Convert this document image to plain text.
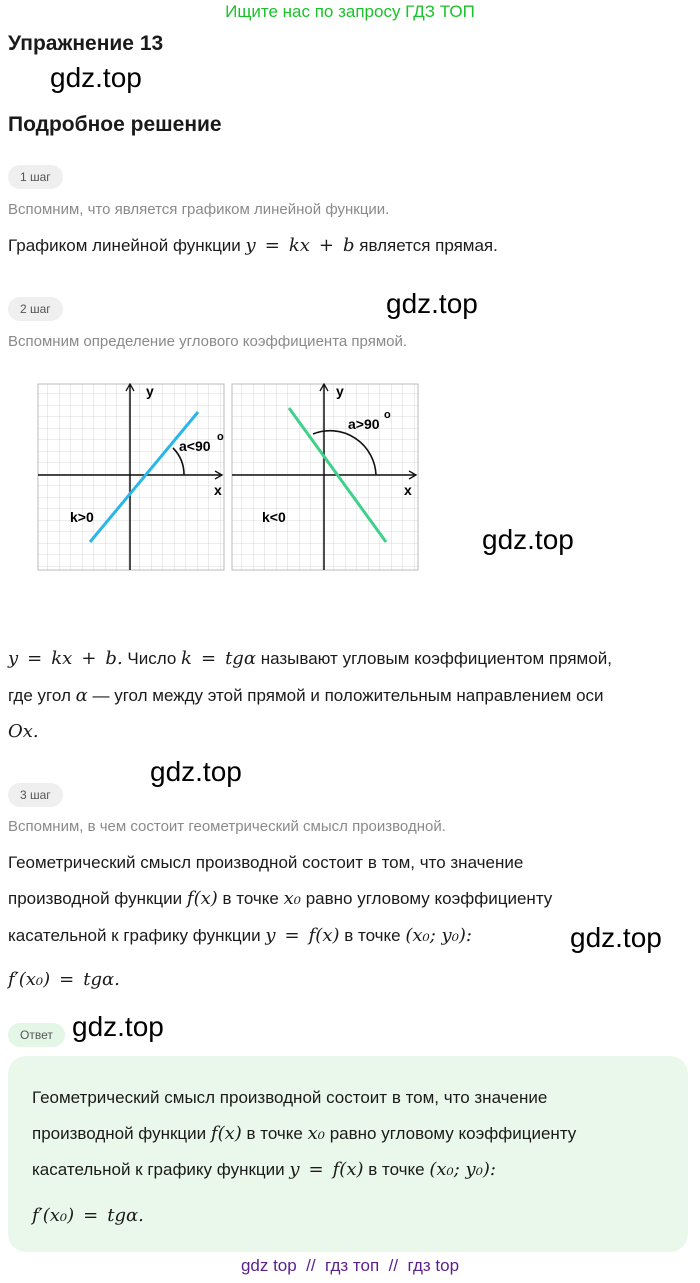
Ищите нас по запросу ГДЗ ТОП
Упражнение 13
gdz.top
Подробное решение
1 шаг
Вспомним, что является графиком линейной функции.
Графиком линейной функции y = kx + b является прямая.
2 шаг	gdz.top
Вспомним определение углового коэффициента прямой.
y
x
a<90
o
k>0
y
x
a>90
o
k<0
gdz.top
y = kx + b. Число k = tgα называют угловым коэффициентом прямой,
где угол α — угол между этой прямой и положительным направлением оси
Ox.
gdz.top
3 шаг
Вспомним, в чем состоит геометрический смысл производной.
Геометрический смысл производной состоит в том, что значение
производной функции f(x) в точке x₀ равно угловому коэффициенту
касательной к графику функции y = f(x) в точке (x₀; y₀):	gdz.top
f′(x₀) = tgα.
Ответ gdz.top
Геометрический смысл производной состоит в том, что значение
производной функции f(x) в точке x₀ равно угловому коэффициенту
касательной к графику функции y = f(x) в точке (x₀; y₀):
f′(x₀) = tgα.
gdz top  //  гдз топ  //  гдз top
